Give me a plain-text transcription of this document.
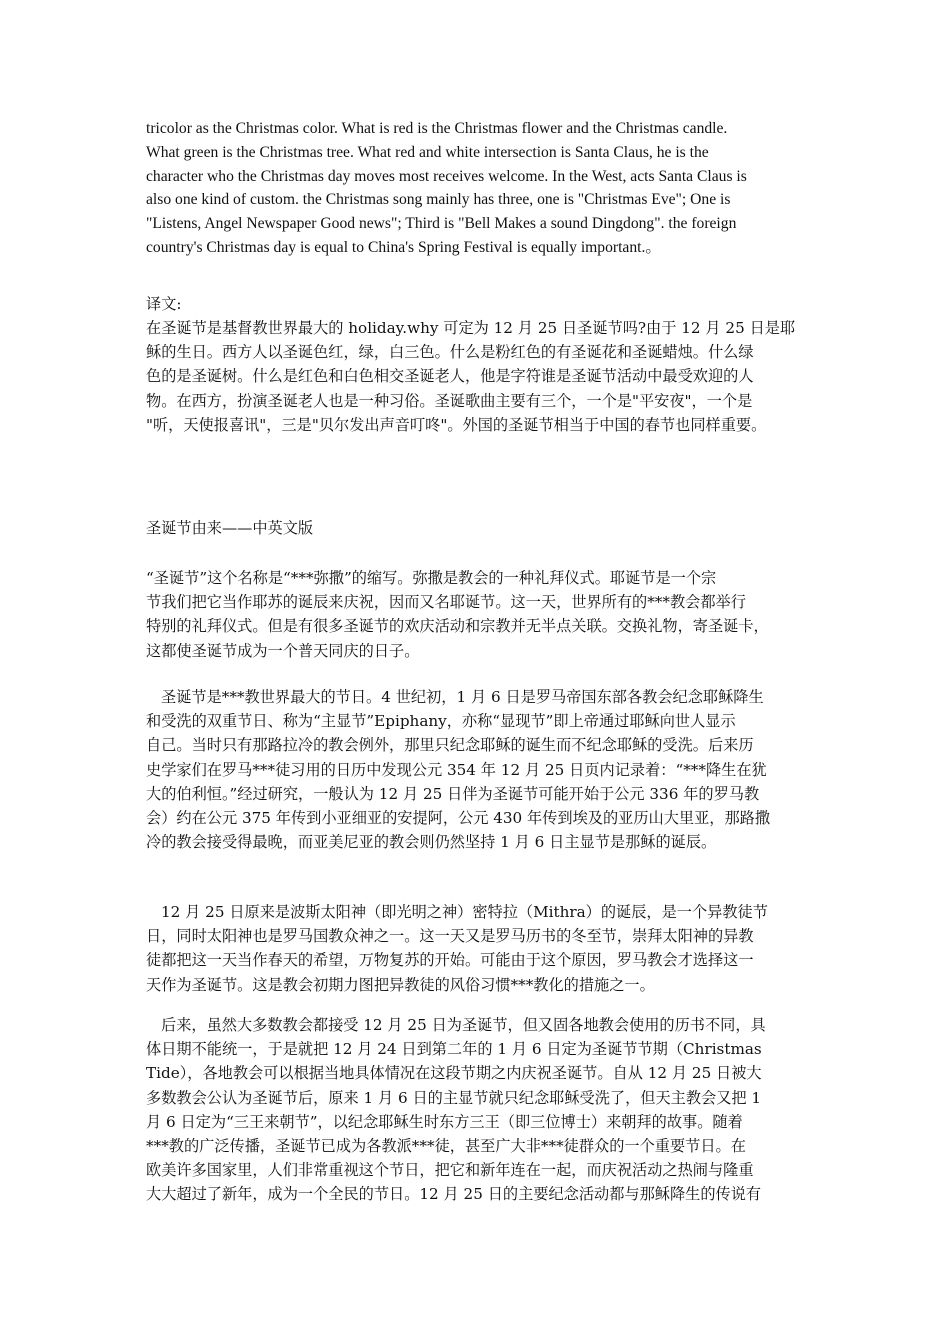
tricolor as the Christmas color. What is red is the Christmas flower and the Christmas candle.
What green is the Christmas tree. What red and white intersection is Santa Claus, he is the
character who the Christmas day moves most receives welcome. In the West, acts Santa Claus is
also one kind of custom. the Christmas song mainly has three, one is "Christmas Eve"; One is
"Listens, Angel Newspaper Good news"; Third is "Bell Makes a sound Dingdong". the foreign
country's Christmas day is equal to China's Spring Festival is equally important.。
译文:
在圣诞节是基督教世界最大的 holiday.why 可定为 12 月 25 日圣诞节吗?由于 12 月 25 日是耶
稣的生日。西方人以圣诞色红，绿，白三色。什么是粉红色的有圣诞花和圣诞蜡烛。什么绿
色的是圣诞树。什么是红色和白色相交圣诞老人，他是字符谁是圣诞节活动中最受欢迎的人
物。在西方，扮演圣诞老人也是一种习俗。圣诞歌曲主要有三个，一个是"平安夜"，一个是
"听，天使报喜讯"，三是"贝尔发出声音叮咚"。外国的圣诞节相当于中国的春节也同样重要。
圣诞节由来——中英文版
“圣诞节”这个名称是“***弥撒”的缩写。弥撒是教会的一种礼拜仪式。耶诞节是一个宗
节我们把它当作耶苏的诞辰来庆祝，因而又名耶诞节。这一天，世界所有的***教会都举行
特别的礼拜仪式。但是有很多圣诞节的欢庆活动和宗教并无半点关联。交换礼物，寄圣诞卡，
这都使圣诞节成为一个普天同庆的日子。
圣诞节是***教世界最大的节日。4 世纪初，1 月 6 日是罗马帝国东部各教会纪念耶稣降生
和受洗的双重节日、称为“主显节”Epiphany，亦称“显现节”即上帝通过耶稣向世人显示
自己。当时只有那路拉冷的教会例外，那里只纪念耶稣的诞生而不纪念耶稣的受洗。后来历
史学家们在罗马***徒习用的日历中发现公元 354 年 12 月 25 日页内记录着：“***降生在犹
大的伯利恒。”经过研究，一般认为 12 月 25 日伴为圣诞节可能开始于公元 336 年的罗马教
会）约在公元 375 年传到小亚细亚的安提阿，公元 430 年传到埃及的亚历山大里亚，那路撒
冷的教会接受得最晚，而亚美尼亚的教会则仍然坚持 1 月 6 日主显节是那稣的诞辰。
12 月 25 日原来是波斯太阳神（即光明之神）密特拉（Mithra）的诞辰，是一个异教徒节
日，同时太阳神也是罗马国教众神之一。这一天又是罗马历书的冬至节，崇拜太阳神的异教
徒都把这一天当作春天的希望，万物复苏的开始。可能由于这个原因，罗马教会才选择这一
天作为圣诞节。这是教会初期力图把异教徒的风俗习惯***教化的措施之一。
后来，虽然大多数教会都接受 12 月 25 日为圣诞节，但又固各地教会使用的历书不同，具
体日期不能统一，于是就把 12 月 24 日到第二年的 1 月 6 日定为圣诞节节期（Christmas
Tide），各地教会可以根据当地具体情况在这段节期之内庆祝圣诞节。自从 12 月 25 日被大
多数教会公认为圣诞节后，原来 1 月 6 日的主显节就只纪念耶稣受洗了，但天主教会又把 1
月 6 日定为“三王来朝节”，以纪念耶稣生时东方三王（即三位博士）来朝拜的故事。随着
***教的广泛传播，圣诞节已成为各教派***徒，甚至广大非***徒群众的一个重要节日。在
欧美许多国家里，人们非常重视这个节日，把它和新年连在一起，而庆祝活动之热闹与隆重
大大超过了新年，成为一个全民的节日。12 月 25 日的主要纪念活动都与那稣降生的传说有
